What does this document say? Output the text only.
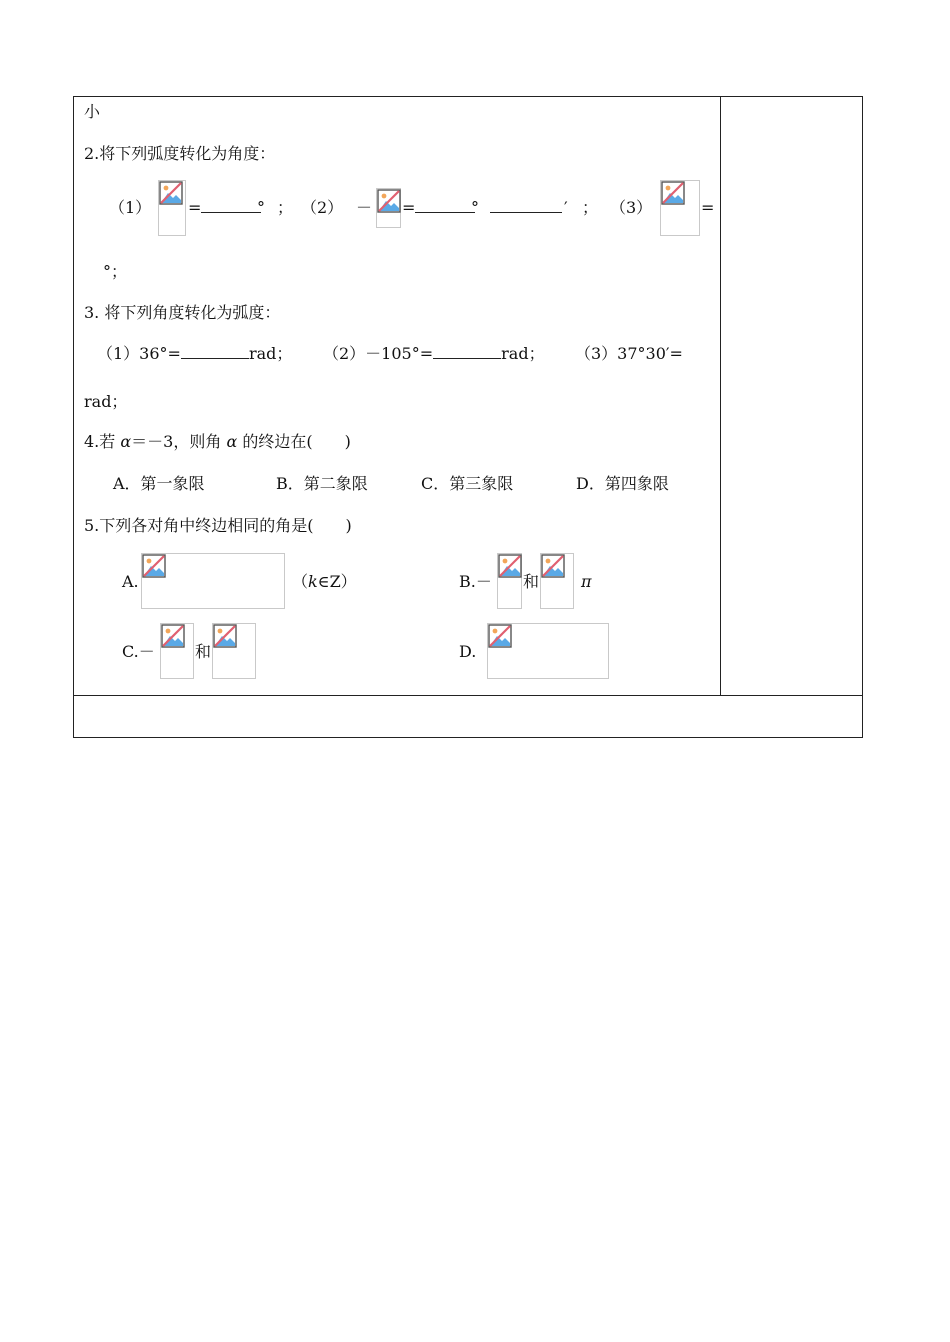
小
2.将下列弧度转化为角度：
（1） =	° ； （2） － =	°	′ ； （3）	=
°；
3. 将下列角度转化为弧度：
（1）36°=	rad； （2）－105°=	rad； （3）37°30′=
rad；
4.若 α＝－3，则角 α 的终边在(　　)
A．第一象限	B．第二象限	C．第三象限	D．第四象限
5.下列各对角中终边相同的角是(　　)
A.	（k∈Z）	B.－ 和	π
C.－	和	D.
